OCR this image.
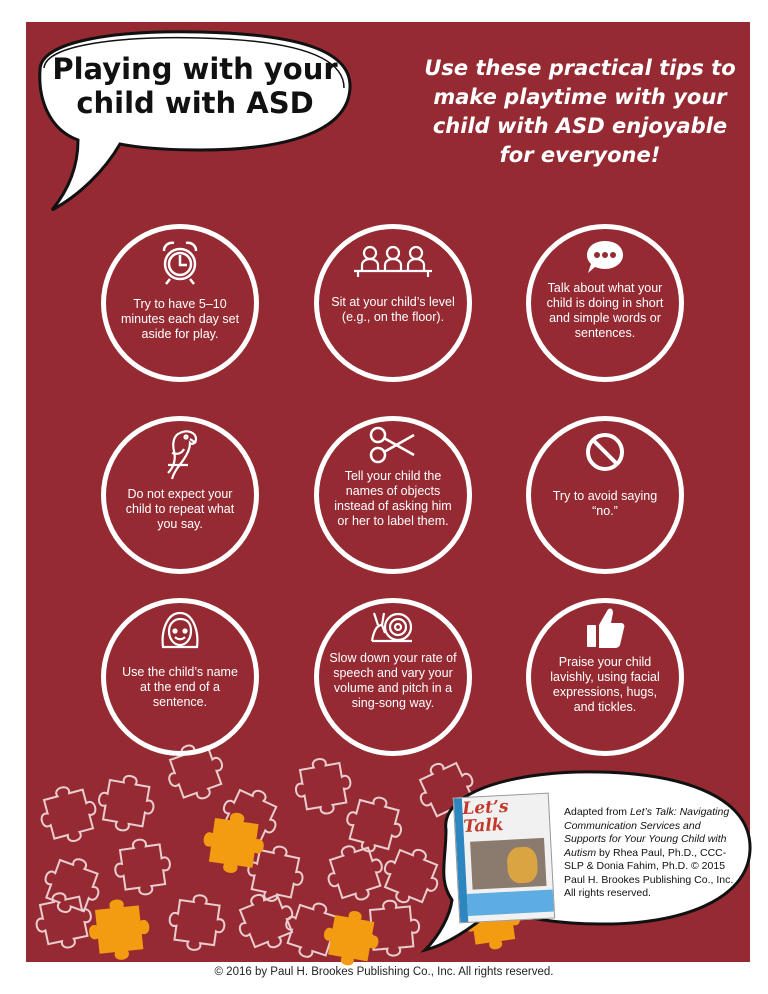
Playing with your child with ASD
Use these practical tips to make playtime with your child with ASD enjoyable for everyone!
Try to have 5–10 minutes each day set aside for play.
Sit at your child’s level (e.g., on the floor).
Talk about what your child is doing in short and simple words or sentences.
Do not expect your child to repeat what you say.
Tell your child the names of objects instead of asking him or her to label them.
Try to avoid saying “no.”
Use the child’s name at the end of a sentence.
Slow down your rate of speech and vary your volume and pitch in a sing-song way.
Praise your child lavishly, using facial expressions, hugs, and tickles.
Let’s Talk
Adapted from Let’s Talk: Navigating Communication Services and Supports for Your Young Child with Autism by Rhea Paul, Ph.D., CCC-SLP & Donia Fahim, Ph.D. © 2015 Paul H. Brookes Publishing Co., Inc. All rights reserved.
© 2016 by Paul H. Brookes Publishing Co., Inc. All rights reserved.
